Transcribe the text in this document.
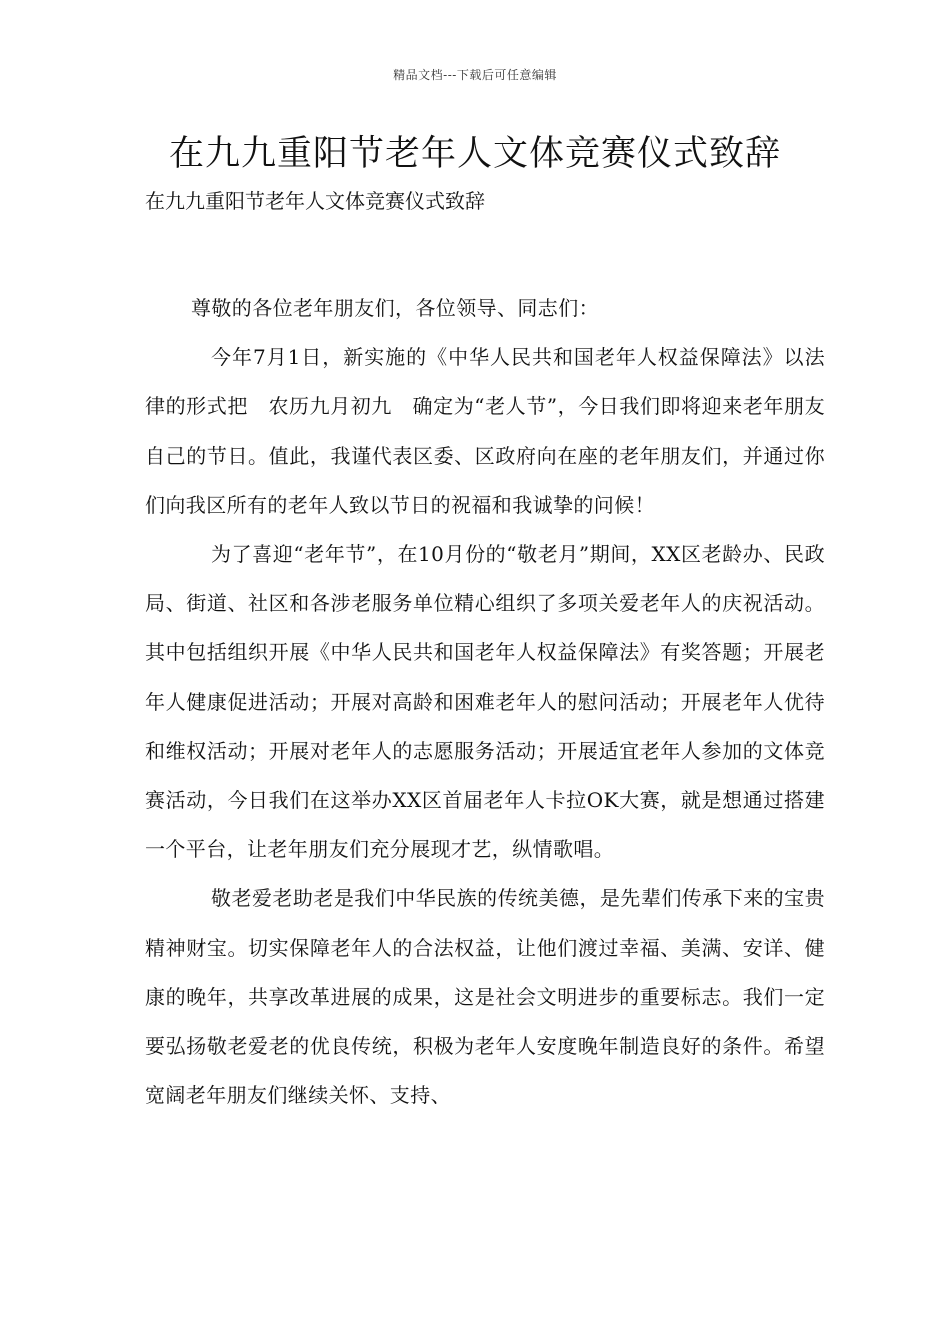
精品文档---下载后可任意编辑
在九九重阳节老年人文体竞赛仪式致辞

在九九重阳节老年人文体竞赛仪式致辞

尊敬的各位老年朋友们，各位领导、同志们：

今年7月1日，新实施的《中华人民共和国老年人权益保障法》以法律的形式把　农历九月初九　确定为“老人节”，今日我们即将迎来老年朋友自己的节日。值此，我谨代表区委、区政府向在座的老年朋友们，并通过你们向我区所有的老年人致以节日的祝福和我诚挚的问候！

为了喜迎“老年节”，在10月份的“敬老月”期间，XX区老龄办、民政局、街道、社区和各涉老服务单位精心组织了多项关爱老年人的庆祝活动。其中包括组织开展《中华人民共和国老年人权益保障法》有奖答题；开展老年人健康促进活动；开展对高龄和困难老年人的慰问活动；开展老年人优待和维权活动；开展对老年人的志愿服务活动；开展适宜老年人参加的文体竞赛活动，今日我们在这举办XX区首届老年人卡拉OK大赛，就是想通过搭建一个平台，让老年朋友们充分展现才艺，纵情歌唱。

敬老爱老助老是我们中华民族的传统美德，是先辈们传承下来的宝贵精神财宝。切实保障老年人的合法权益，让他们渡过幸福、美满、安详、健康的晚年，共享改革进展的成果，这是社会文明进步的重要标志。我们一定要弘扬敬老爱老的优良传统，积极为老年人安度晚年制造良好的条件。希望宽阔老年朋友们继续关怀、支持、
